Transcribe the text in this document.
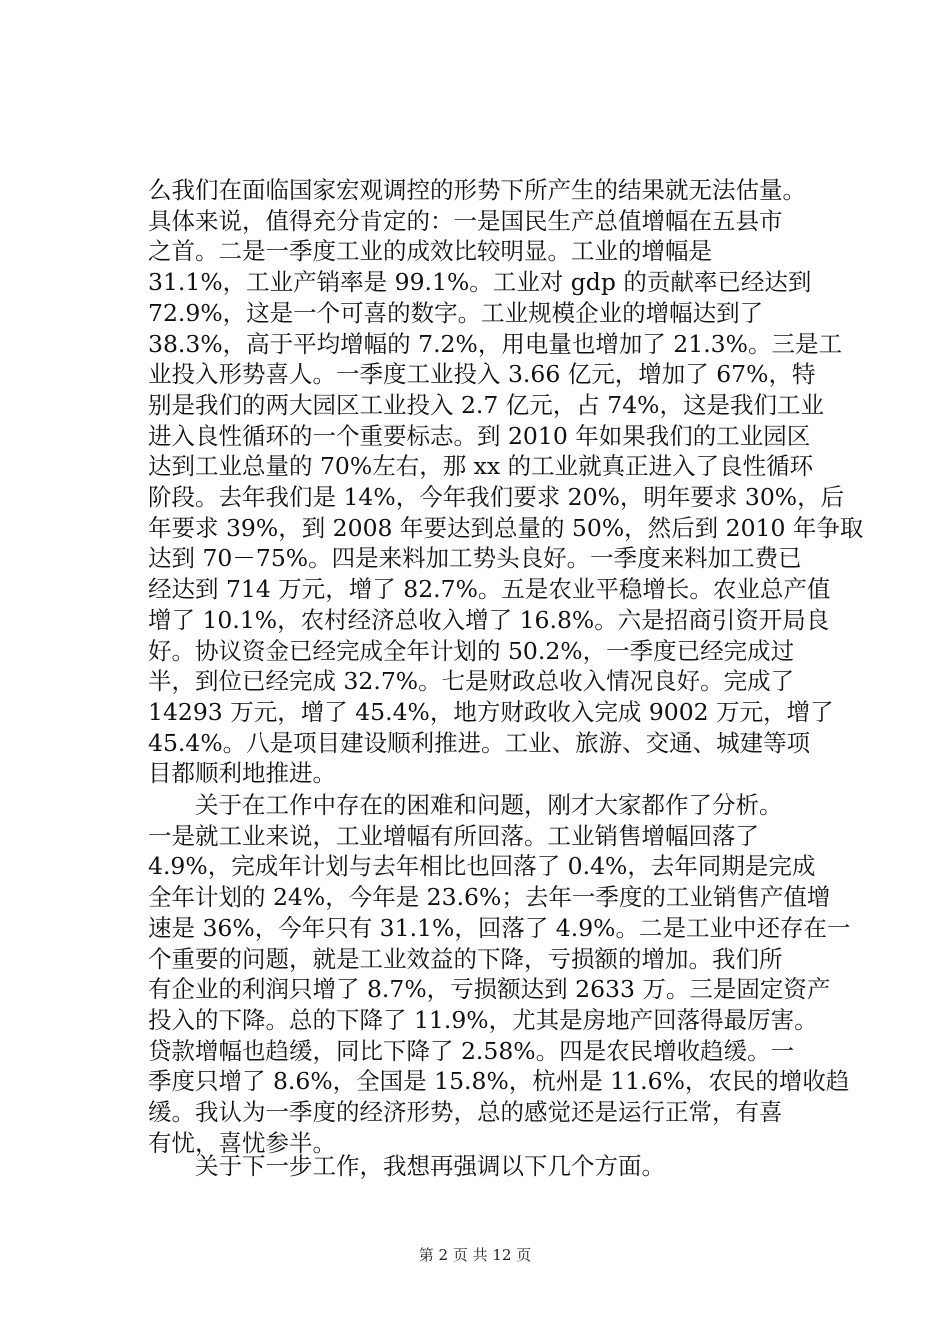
么我们在面临国家宏观调控的形势下所产生的结果就无法估量。
具体来说，值得充分肯定的：一是国民生产总值增幅在五县市
之首。二是一季度工业的成效比较明显。工业的增幅是
31.1%，工业产销率是 99.1%。工业对 gdp 的贡献率已经达到
72.9%，这是一个可喜的数字。工业规模企业的增幅达到了
38.3%，高于平均增幅的 7.2%，用电量也增加了 21.3%。三是工
业投入形势喜人。一季度工业投入 3.66 亿元，增加了 67%，特
别是我们的两大园区工业投入 2.7 亿元，占 74%，这是我们工业
进入良性循环的一个重要标志。到 2010 年如果我们的工业园区
达到工业总量的 70%左右，那 xx 的工业就真正进入了良性循环
阶段。去年我们是 14%，今年我们要求 20%，明年要求 30%，后
年要求 39%，到 2008 年要达到总量的 50%，然后到 2010 年争取
达到 70－75%。四是来料加工势头良好。一季度来料加工费已
经达到 714 万元，增了 82.7%。五是农业平稳增长。农业总产值
增了 10.1%，农村经济总收入增了 16.8%。六是招商引资开局良
好。协议资金已经完成全年计划的 50.2%，一季度已经完成过
半，到位已经完成 32.7%。七是财政总收入情况良好。完成了
14293 万元，增了 45.4%，地方财政收入完成 9002 万元，增了
45.4%。八是项目建设顺利推进。工业、旅游、交通、城建等项
目都顺利地推进。
　　关于在工作中存在的困难和问题，刚才大家都作了分析。
一是就工业来说，工业增幅有所回落。工业销售增幅回落了
4.9%，完成年计划与去年相比也回落了 0.4%，去年同期是完成
全年计划的 24%，今年是 23.6%；去年一季度的工业销售产值增
速是 36%，今年只有 31.1%，回落了 4.9%。二是工业中还存在一
个重要的问题，就是工业效益的下降，亏损额的增加。我们所
有企业的利润只增了 8.7%，亏损额达到 2633 万。三是固定资产
投入的下降。总的下降了 11.9%，尤其是房地产回落得最厉害。
贷款增幅也趋缓，同比下降了 2.58%。四是农民增收趋缓。一
季度只增了 8.6%，全国是 15.8%，杭州是 11.6%，农民的增收趋
缓。我认为一季度的经济形势，总的感觉还是运行正常，有喜
有忧，喜忧参半。
　　关于下一步工作，我想再强调以下几个方面。
第 2 页 共 12 页
